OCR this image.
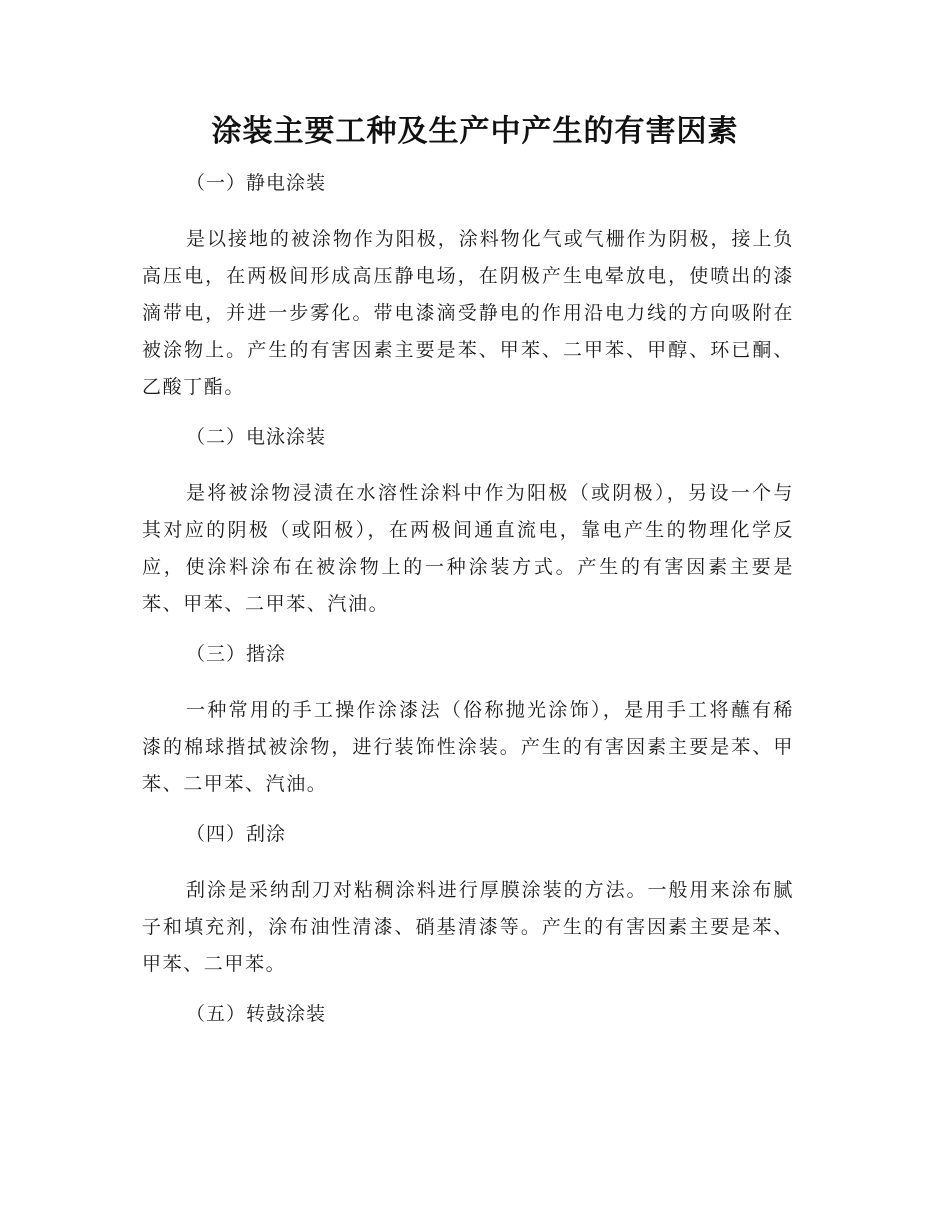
涂装主要工种及生产中产生的有害因素

（一）静电涂装

是以接地的被涂物作为阳极，涂料物化气或气栅作为阴极，接上负高压电，在两极间形成高压静电场，在阴极产生电晕放电，使喷出的漆滴带电，并进一步雾化。带电漆滴受静电的作用沿电力线的方向吸附在被涂物上。产生的有害因素主要是苯、甲苯、二甲苯、甲醇、环已酮、乙酸丁酯。

（二）电泳涂装

是将被涂物浸渍在水溶性涂料中作为阳极（或阴极），另设一个与其对应的阴极（或阳极），在两极间通直流电，靠电产生的物理化学反应，使涂料涂布在被涂物上的一种涂装方式。产生的有害因素主要是苯、甲苯、二甲苯、汽油。

（三）揩涂

一种常用的手工操作涂漆法（俗称抛光涂饰），是用手工将蘸有稀漆的棉球揩拭被涂物，进行装饰性涂装。产生的有害因素主要是苯、甲苯、二甲苯、汽油。

（四）刮涂

刮涂是采纳刮刀对粘稠涂料进行厚膜涂装的方法。一般用来涂布腻子和填充剂，涂布油性清漆、硝基清漆等。产生的有害因素主要是苯、甲苯、二甲苯。

（五）转鼓涂装
